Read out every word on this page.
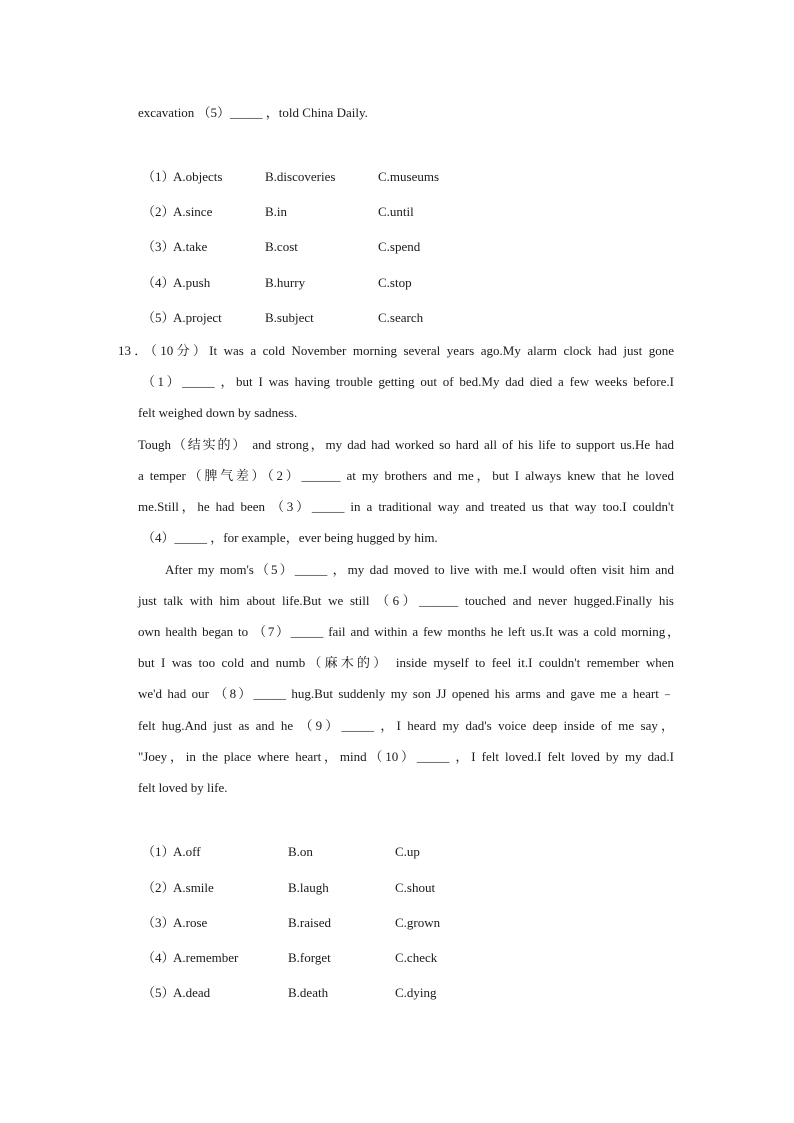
excavation （5）_____ ，told China Daily.
（1）
A.objects	B.discoveries	C.museums
（2）
A.since	B.in	C.until
（3）
A.take	B.cost	C.spend
（4）
A.push	B.hurry	C.stop
（5）
A.project	B.subject	C.search
13．（10分）It was a cold November morning several years ago.My alarm clock had just gone
（1）_____ ，but I was having trouble getting out of bed.My dad died a few weeks before.I
felt weighed down by sadness.
Tough（结实的） and strong，my dad had worked so hard all of his life to support us.He had
a temper（脾气差）（2）______ at my brothers and me，but I always knew that he loved
me.Still，he had been （3）_____ in a traditional way and treated us that way too.I couldn't
（4）_____ ，for example，ever being hugged by him.
After my mom's（5）_____ ，my dad moved to live with me.I would often visit him and
just talk with him about life.But we still （6）______ touched and never hugged.Finally his
own health began to （7）_____ fail and within a few months he left us.It was a cold morning，
but I was too cold and numb（麻木的） inside myself to feel it.I couldn't remember when
we'd had our （8）_____ hug.But suddenly my son JJ opened his arms and gave me a heart﹣
felt hug.And just as and he （9）_____ ，I heard my dad's voice deep inside of me say，
"Joey，in the place where heart，mind（10）_____ ，I felt loved.I felt loved by my dad.I
felt loved by life.
（1）
A.off	B.on	C.up
（2）
A.smile	B.laugh	C.shout
（3）
A.rose	B.raised	C.grown
（4）
A.remember	B.forget	C.check
（5）
A.dead	B.death	C.dying
